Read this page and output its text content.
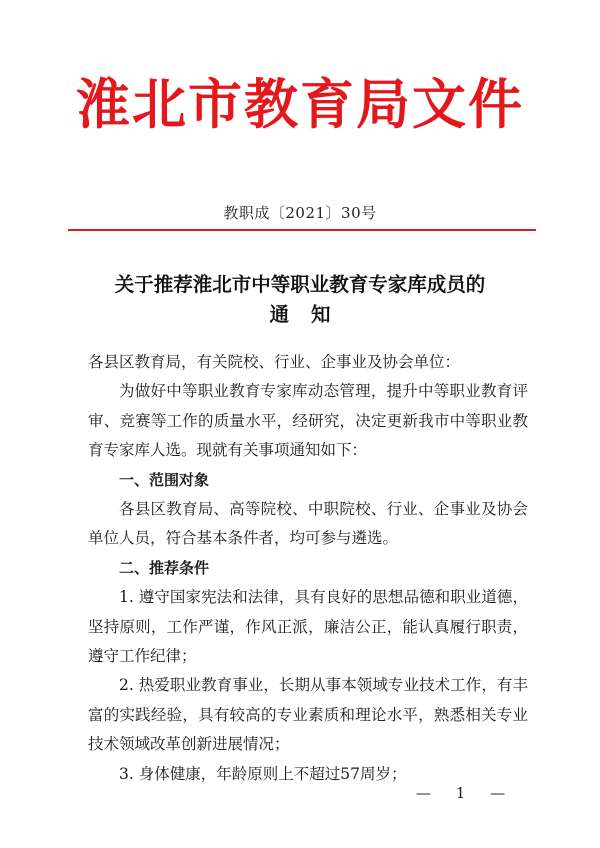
淮北市教育局文件
教职成〔2021〕30号
关于推荐淮北市中等职业教育专家库成员的
通知

各县区教育局，有关院校、行业、企事业及协会单位：

为做好中等职业教育专家库动态管理，提升中等职业教育评审、竞赛等工作的质量水平，经研究，决定更新我市中等职业教育专家库人选。现就有关事项通知如下：

一、范围对象

各县区教育局、高等院校、中职院校、行业、企事业及协会单位人员，符合基本条件者，均可参与遴选。

二、推荐条件

1. 遵守国家宪法和法律，具有良好的思想品德和职业道德，坚持原则，工作严谨，作风正派，廉洁公正，能认真履行职责，遵守工作纪律；

2. 热爱职业教育事业，长期从事本领域专业技术工作，有丰富的实践经验，具有较高的专业素质和理论水平，熟悉相关专业技术领域改革创新进展情况；

3. 身体健康，年龄原则上不超过57周岁；

— 1 —
